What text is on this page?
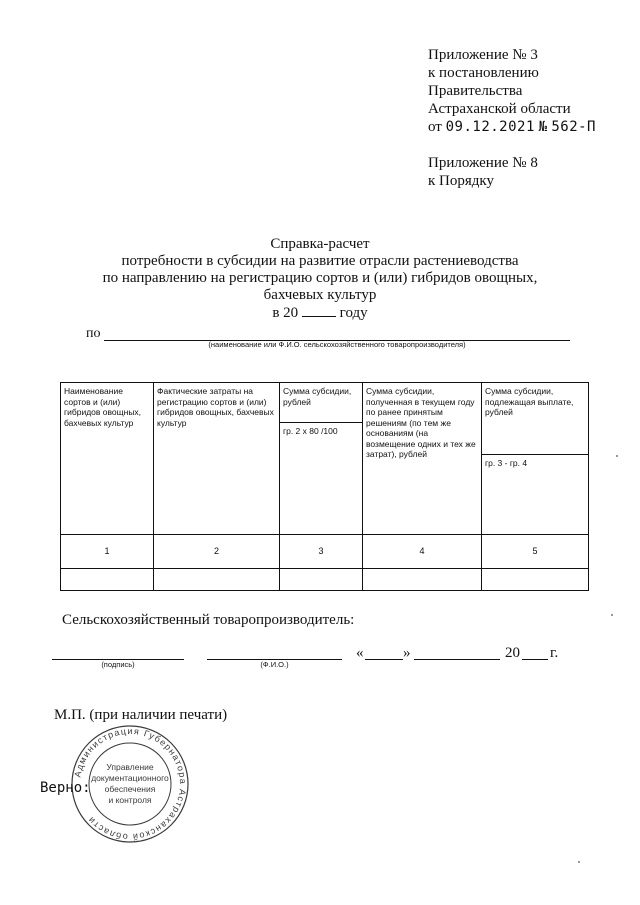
Приложение № 3
к постановлению
Правительства
Астраханской области
от 09.12.2021 № 562-П
Приложение № 8
к Порядку
Справка-расчет
потребности в субсидии на развитие отрасли растениеводства
по направлению на регистрацию сортов и (или) гибридов овощных,
бахчевых культур
в 20	году
по
(наименование или Ф.И.О. сельскохозяйственного товаропроизводителя)
Наименование сортов и (или) гибридов овощных, бахчевых культур	Фактические затраты на регистрацию сортов и (или) гибридов овощных, бахчевых культур	Сумма субсидии, рублей	Сумма субсидии, полученная в текущем году по ранее принятым решениям (по тем же основаниям (на возмещение одних и тех же затрат), рублей	Сумма субсидии, подлежащая выплате, рублей
		гр. 2 х 80 /100		
				гр. 3 - гр. 4
1	2	3	4	5

Сельскохозяйственный товаропроизводитель:
(подпись)	(Ф.И.О.)
«	»	20 г.
М.П. (при наличии печати)
Администрация Губернатора Астраханской области
Управление
документационного
обеспечения
и контроля
Верно:
